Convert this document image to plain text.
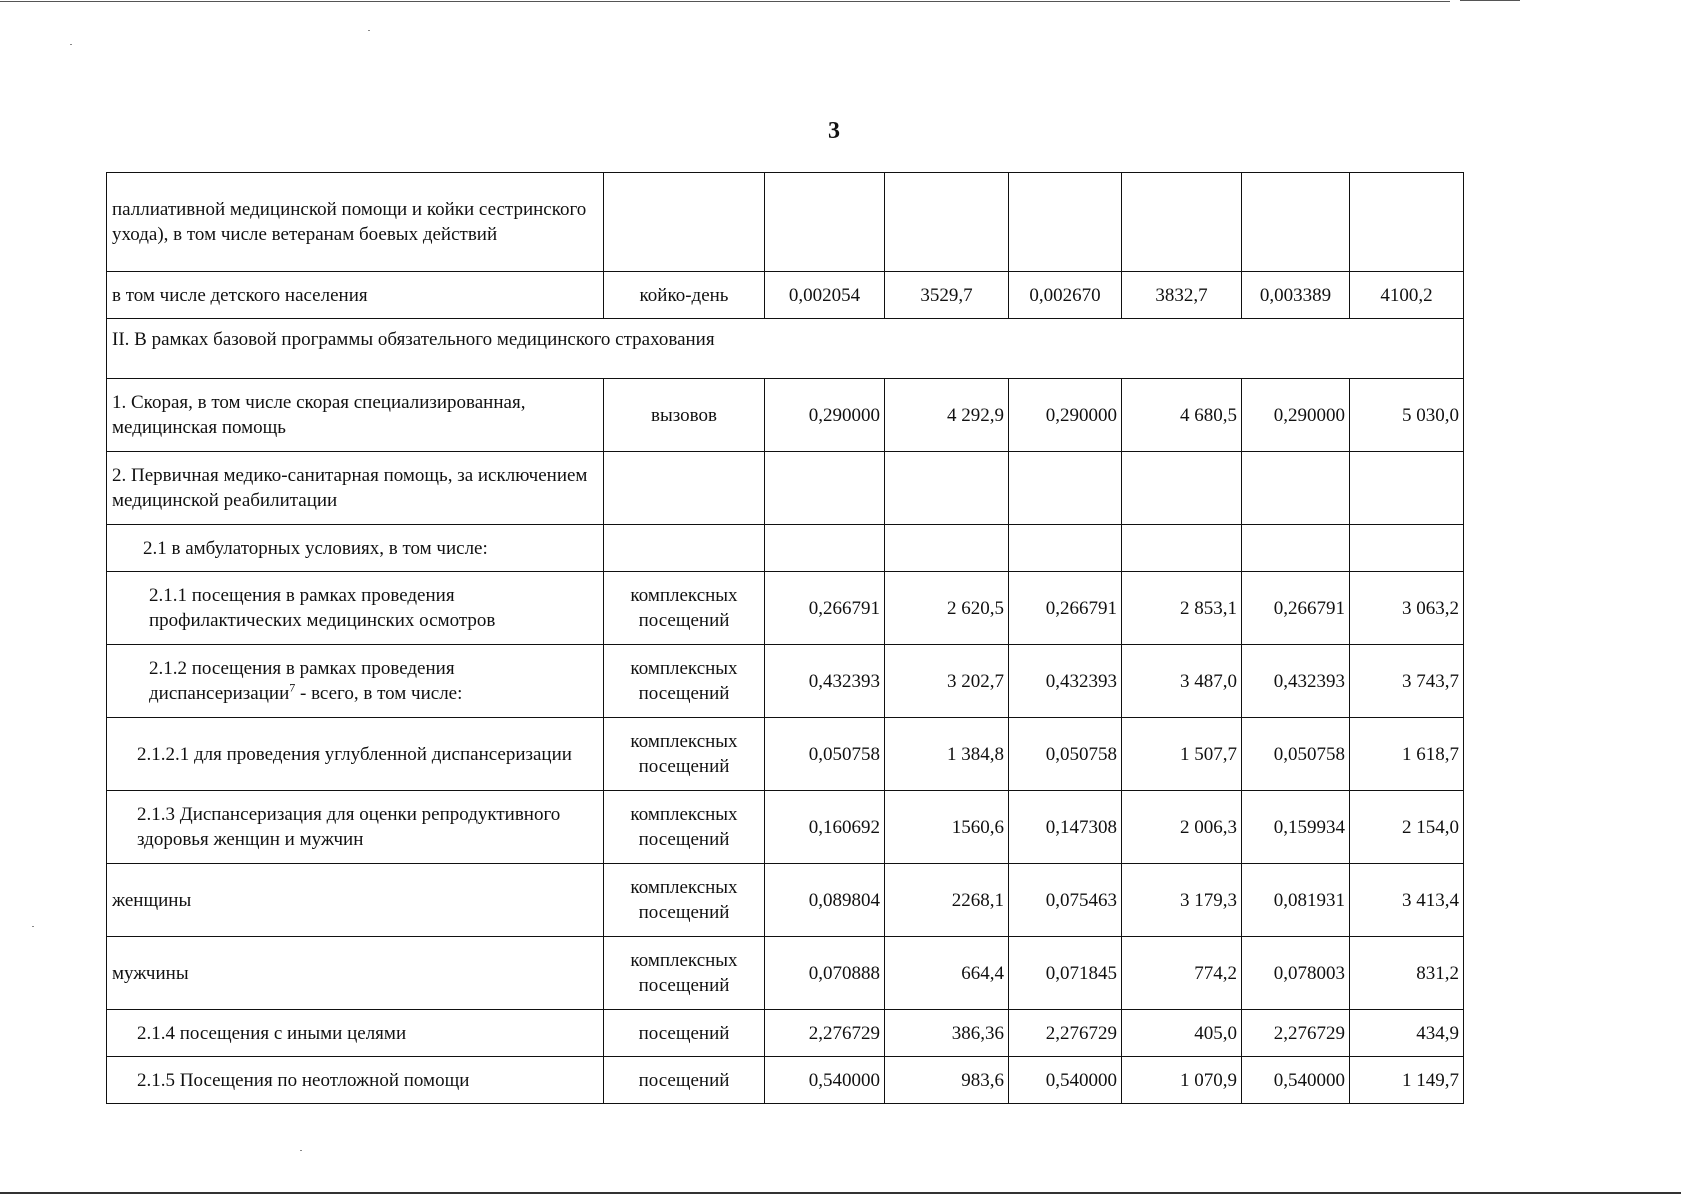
3
паллиативной медицинской помощи и койки сестринского ухода), в том числе ветеранам боевых действий							
в том числе детского населения	койко-день	0,002054	3529,7	0,002670	3832,7	0,003389	4100,2
II. В рамках базовой программы обязательного медицинского страхования							
1. Скорая, в том числе скорая специализированная, медицинская помощь	вызовов	0,290000	4 292,9	0,290000	4 680,5	0,290000	5 030,0
2. Первичная медико-санитарная помощь, за исключением медицинской реабилитации							
2.1 в амбулаторных условиях, в том числе:							
2.1.1 посещения в рамках проведения профилактических медицинских осмотров	комплексных посещений	0,266791	2 620,5	0,266791	2 853,1	0,266791	3 063,2
2.1.2 посещения в рамках проведения диспансеризации$^7$ - всего, в том числе:	комплексных посещений	0,432393	3 202,7	0,432393	3 487,0	0,432393	3 743,7
2.1.2.1 для проведения углубленной диспансеризации	комплексных посещений	0,050758	1 384,8	0,050758	1 507,7	0,050758	1 618,7
2.1.3 Диспансеризация для оценки репродуктивного здоровья женщин и мужчин	комплексных посещений	0,160692	1560,6	0,147308	2 006,3	0,159934	2 154,0
женщины	комплексных посещений	0,089804	2268,1	0,075463	3 179,3	0,081931	3 413,4
мужчины	комплексных посещений	0,070888	664,4	0,071845	774,2	0,078003	831,2
2.1.4 посещения с иными целями	посещений	2,276729	386,36	2,276729	405,0	2,276729	434,9
2.1.5 Посещения по неотложной помощи	посещений	0,540000	983,6	0,540000	1 070,9	0,540000	1 149,7
